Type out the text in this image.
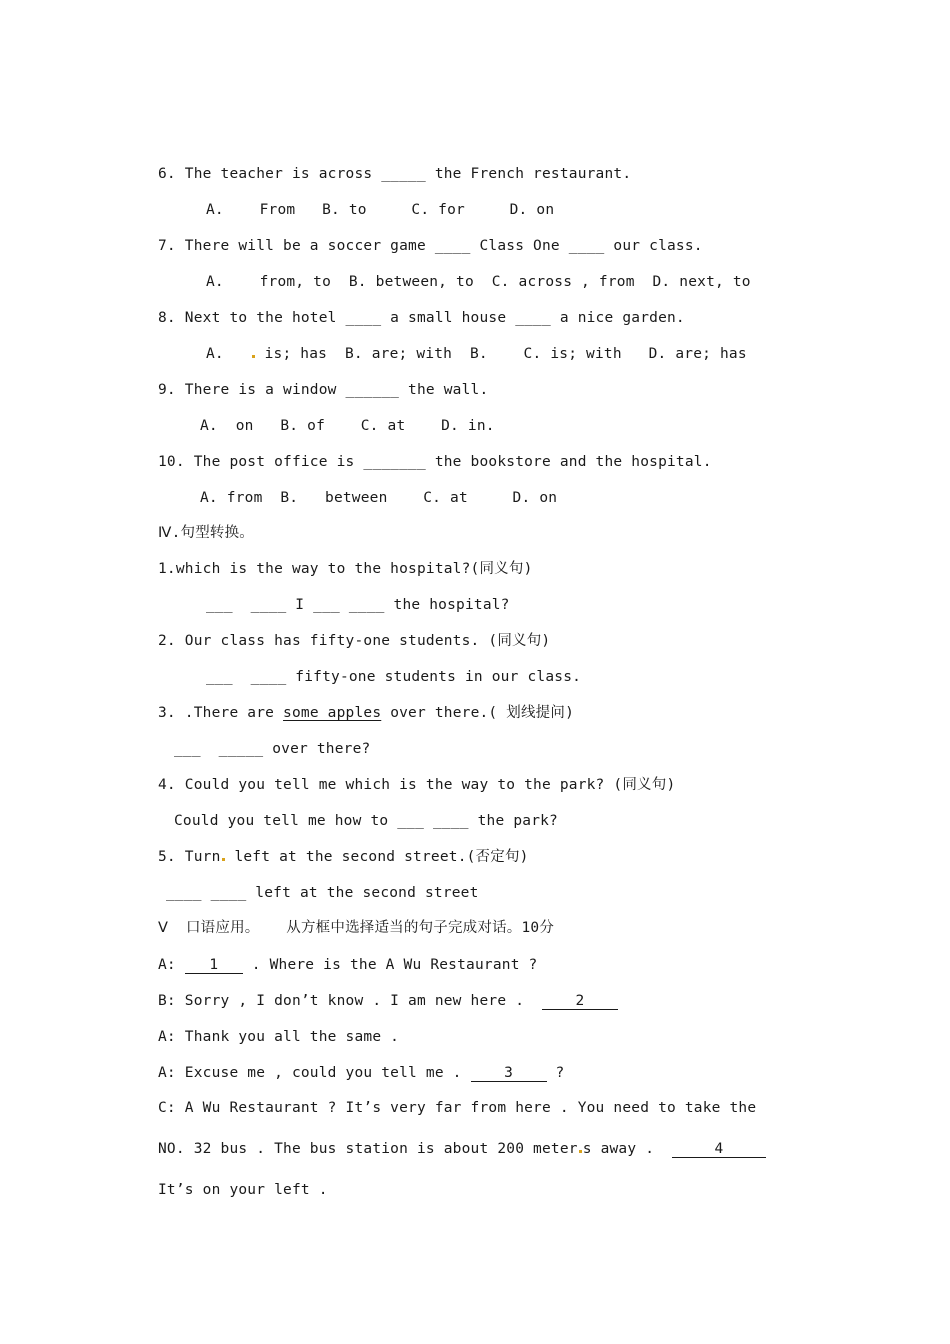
6. The teacher is across _____ the French restaurant.
A.    From   B. to     C. for     D. on
7. There will be a soccer game ____ Class One ____ our class.
A.    from, to  B. between, to  C. across , from  D. next, to
8. Next to the hotel ____ a small house ____ a nice garden.
A.    is; has  B. are; with  B.    C. is; with   D. are; has
9. There is a window ______ the wall.
A.  on   B. of    C. at    D. in.
10. The post office is _______ the bookstore and the hospital.
A. from  B.   between    C. at     D. on
Ⅳ.句型转换。
1.which is the way to the hospital?(同义句)
___  ____ I ___ ____ the hospital?
2. Our class has fifty-one students. (同义句)
___  ____ fifty-one students in our class.
3. .There are some apples over there.( 划线提问)
___  _____ over there?
4. Could you tell me which is the way to the park? (同义句)
Could you tell me how to ___ ____ the park?
5. Turn left at the second street.(否定句)
____ ____ left at the second street
Ⅴ  口语应用。   从方框中选择适当的句子完成对话。10分
A: 1 . Where is the A Wu Restaurant ?
B: Sorry , I don’t know . I am new here .  2
A: Thank you all the same .
A: Excuse me , could you tell me . 3 ?
C: A Wu Restaurant ? It’s very far from here . You need to take the
NO. 32 bus . The bus station is about 200 meter s away .	4
It’s on your left .
